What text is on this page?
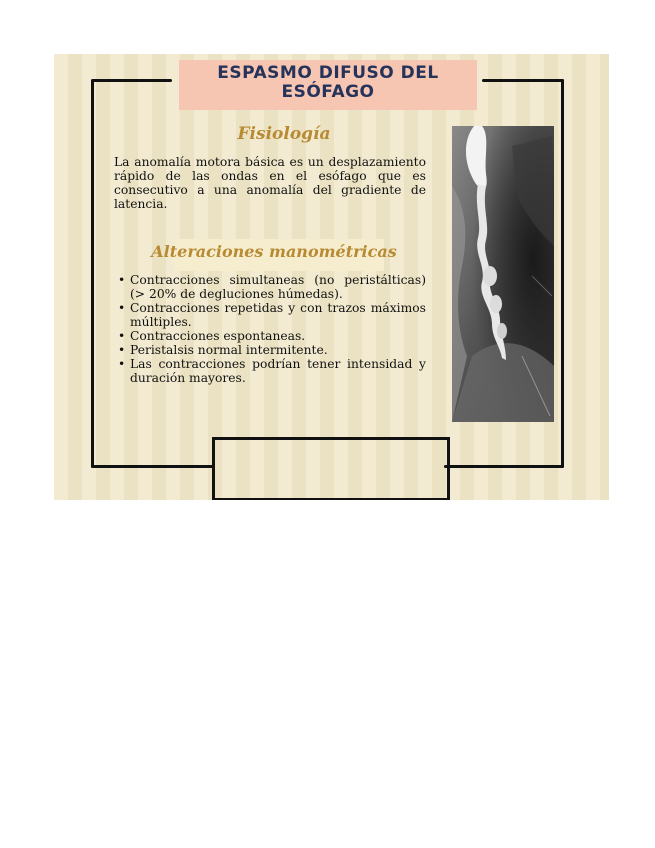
ESPASMO DIFUSO DEL
ESÓFAGO
Fisiología
La anomalía motora básica es un desplazamiento rápido de las ondas en el esófago que es consecutivo a una anomalía del gradiente de latencia.
Alteraciones manométricas
• Contracciones simultaneas (no peristálticas) (> 20% de degluciones húmedas).
• Contracciones repetidas y con trazos máximos múltiples.
• Contracciones espontaneas.
• Peristalsis normal intermitente.
• Las contracciones podrían tener intensidad y duración mayores.
